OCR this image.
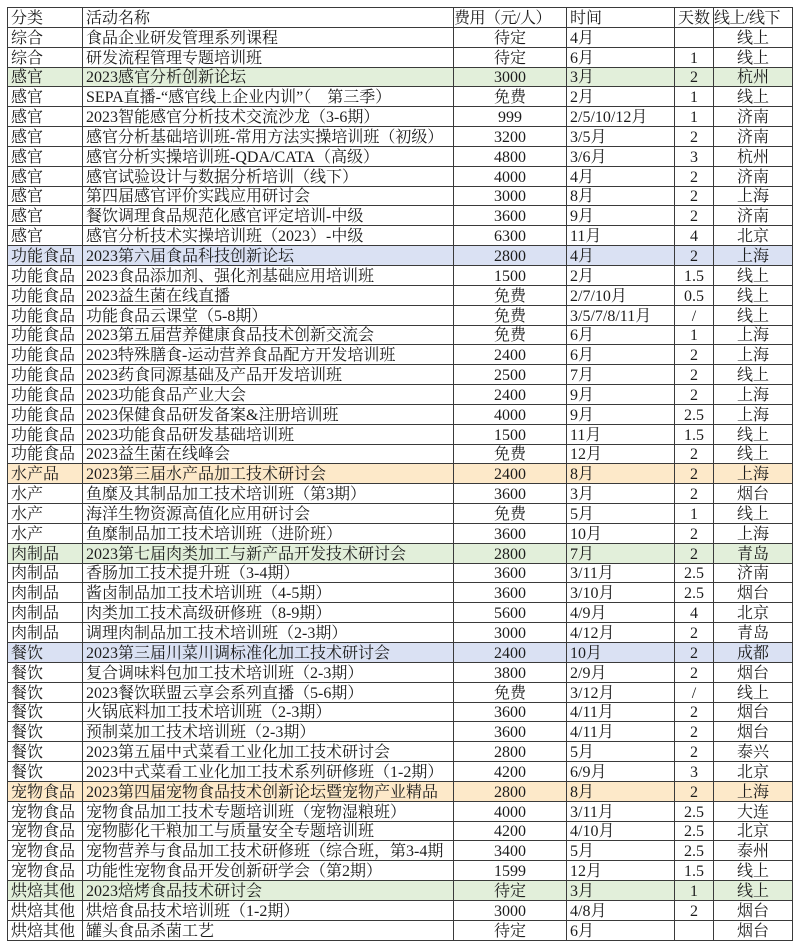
分类	活动名称	费用（元/人）	时间	天数	线上/线下
综合	食品企业研发管理系列课程	待定	4月		线上
综合	研发流程管理专题培训班	待定	6月	1	线上
感官	2023感官分析创新论坛	3000	3月	2	杭州
感官	SEPA直播-“感官线上企业内训”（　第三季）	免费	2月	1	线上
感官	2023智能感官分析技术交流沙龙（3-6期）	999	2/5/10/12月	1	济南
感官	感官分析基础培训班-常用方法实操培训班（初级）	3200	3/5月	2	济南
感官	感官分析实操培训班-QDA/CATA（高级）	4800	3/6月	3	杭州
感官	感官试验设计与数据分析培训（线下）	4000	4月	2	济南
感官	第四届感官评价实践应用研讨会	3000	8月	2	上海
感官	餐饮调理食品规范化感官评定培训-中级	3600	9月	2	济南
感官	感官分析技术实操培训班（2023）-中级	6300	11月	4	北京
功能食品	2023第六届食品科技创新论坛	2800	4月	2	上海
功能食品	2023食品添加剂、强化剂基础应用培训班	1500	2月	1.5	线上
功能食品	2023益生菌在线直播	免费	2/7/10月	0.5	线上
功能食品	功能食品云课堂（5-8期）	免费	3/5/7/8/11月	/	线上
功能食品	2023第五届营养健康食品技术创新交流会	免费	6月	1	上海
功能食品	2023特殊膳食-运动营养食品配方开发培训班	2400	6月	2	上海
功能食品	2023药食同源基础及产品开发培训班	2500	7月	2	线上
功能食品	2023功能食品产业大会	2400	9月	2	上海
功能食品	2023保健食品研发备案&注册培训班	4000	9月	2.5	上海
功能食品	2023功能食品研发基础培训班	1500	11月	1.5	线上
功能食品	2023益生菌在线峰会	免费	12月	2	线上
水产品	2023第三届水产品加工技术研讨会	2400	8月	2	上海
水产	鱼糜及其制品加工技术培训班（第3期）	3600	3月	2	烟台
水产	海洋生物资源高值化应用研讨会	免费	5月	1	线上
水产	鱼糜制品加工技术培训班（进阶班）	3600	10月	2	上海
肉制品	2023第七届肉类加工与新产品开发技术研讨会	2800	7月	2	青岛
肉制品	香肠加工技术提升班（3-4期）	3600	3/11月	2.5	济南
肉制品	酱卤制品加工技术培训班（4-5期）	3600	3/10月	2.5	烟台
肉制品	肉类加工技术高级研修班（8-9期）	5600	4/9月	4	北京
肉制品	调理肉制品加工技术培训班（2-3期）	3000	4/12月	2	青岛
餐饮	2023第三届川菜川调标准化加工技术研讨会	2400	10月	2	成都
餐饮	复合调味料包加工技术培训班（2-3期）	3800	2/9月	2	烟台
餐饮	2023餐饮联盟云享会系列直播（5-6期）	免费	3/12月	/	线上
餐饮	火锅底料加工技术培训班（2-3期）	3600	4/11月	2	烟台
餐饮	预制菜加工技术培训班（2-3期）	3600	4/11月	2	烟台
餐饮	2023第五届中式菜看工业化加工技术研讨会	2800	5月	2	泰兴
餐饮	2023中式菜看工业化加工技术系列研修班（1-2期）	4200	6/9月	3	北京
宠物食品	2023第四届宠物食品技术创新论坛暨宠物产业精品	2800	8月	2	上海
宠物食品	宠物食品加工技术专题培训班（宠物湿粮班）	4000	3/11月	2.5	大连
宠物食品	宠物膨化干粮加工与质量安全专题培训班	4200	4/10月	2.5	北京
宠物食品	宠物营养与食品加工技术研修班（综合班，第3-4期	3400	5月	2.5	泰州
宠物食品	功能性宠物食品开发创新研学会（第2期）	1599	12月	1.5	线上
烘焙其他	2023焙烤食品技术研讨会	待定	3月	1	线上
烘焙其他	烘焙食品技术培训班（1-2期）	3000	4/8月	2	烟台
烘焙其他	罐头食品杀菌工艺	待定	6月		烟台
